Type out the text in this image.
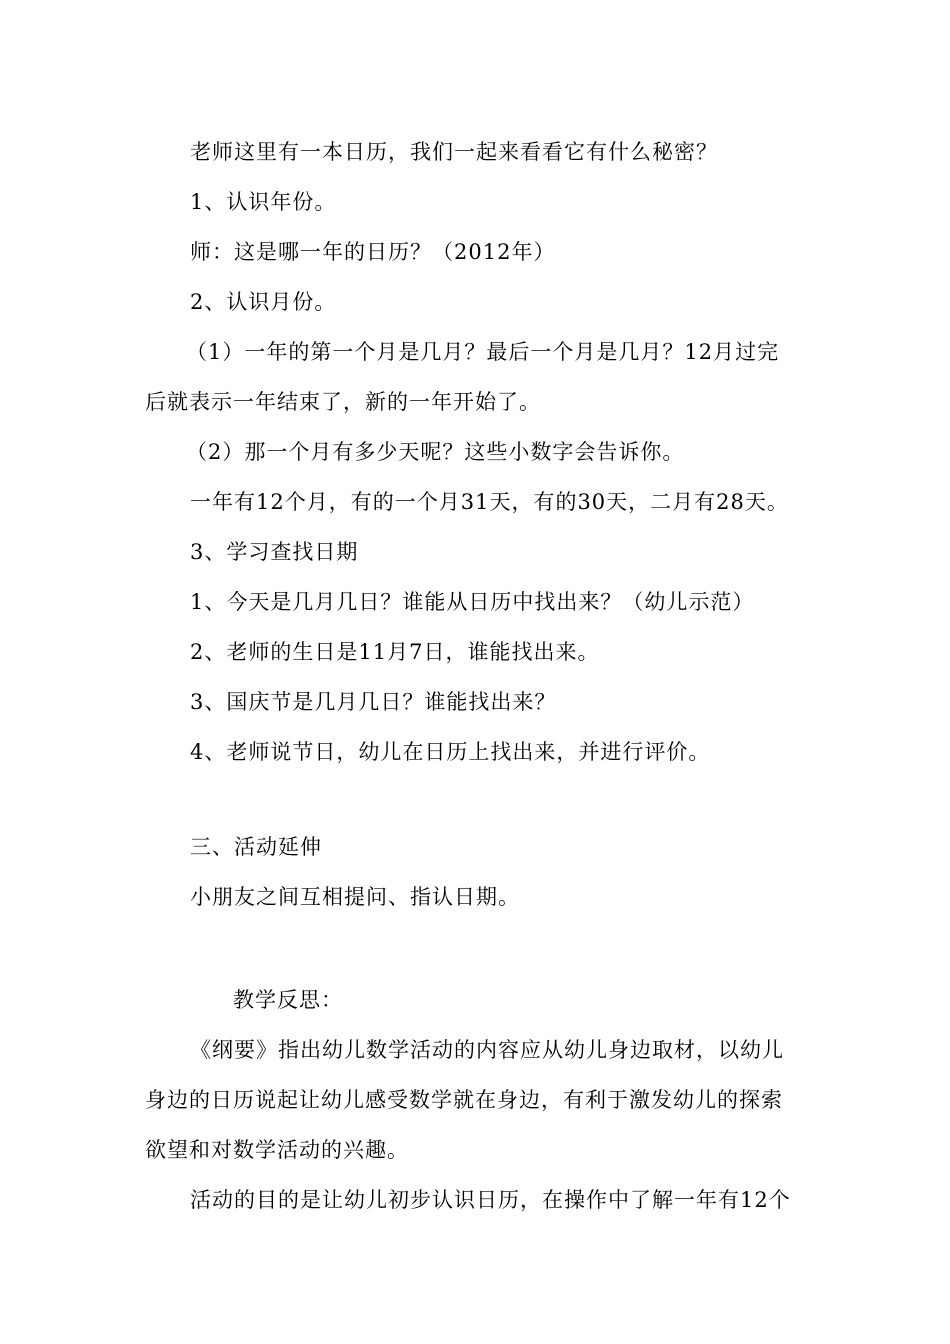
老师这里有一本日历，我们一起来看看它有什么秘密？
1、认识年份。
师：这是哪一年的日历？（2012年）
2、认识月份。
（1）一年的第一个月是几月？最后一个月是几月？12月过完
后就表示一年结束了，新的一年开始了。
（2）那一个月有多少天呢？这些小数字会告诉你。
一年有12个月，有的一个月31天，有的30天，二月有28天。
3、学习查找日期
1、今天是几月几日？谁能从日历中找出来？（幼儿示范）
2、老师的生日是11月7日，谁能找出来。
3、国庆节是几月几日？谁能找出来？
4、老师说节日，幼儿在日历上找出来，并进行评价。
三、活动延伸
小朋友之间互相提问、指认日期。
教学反思：
《纲要》指出幼儿数学活动的内容应从幼儿身边取材，以幼儿
身边的日历说起让幼儿感受数学就在身边，有利于激发幼儿的探索
欲望和对数学活动的兴趣。
活动的目的是让幼儿初步认识日历，在操作中了解一年有12个
